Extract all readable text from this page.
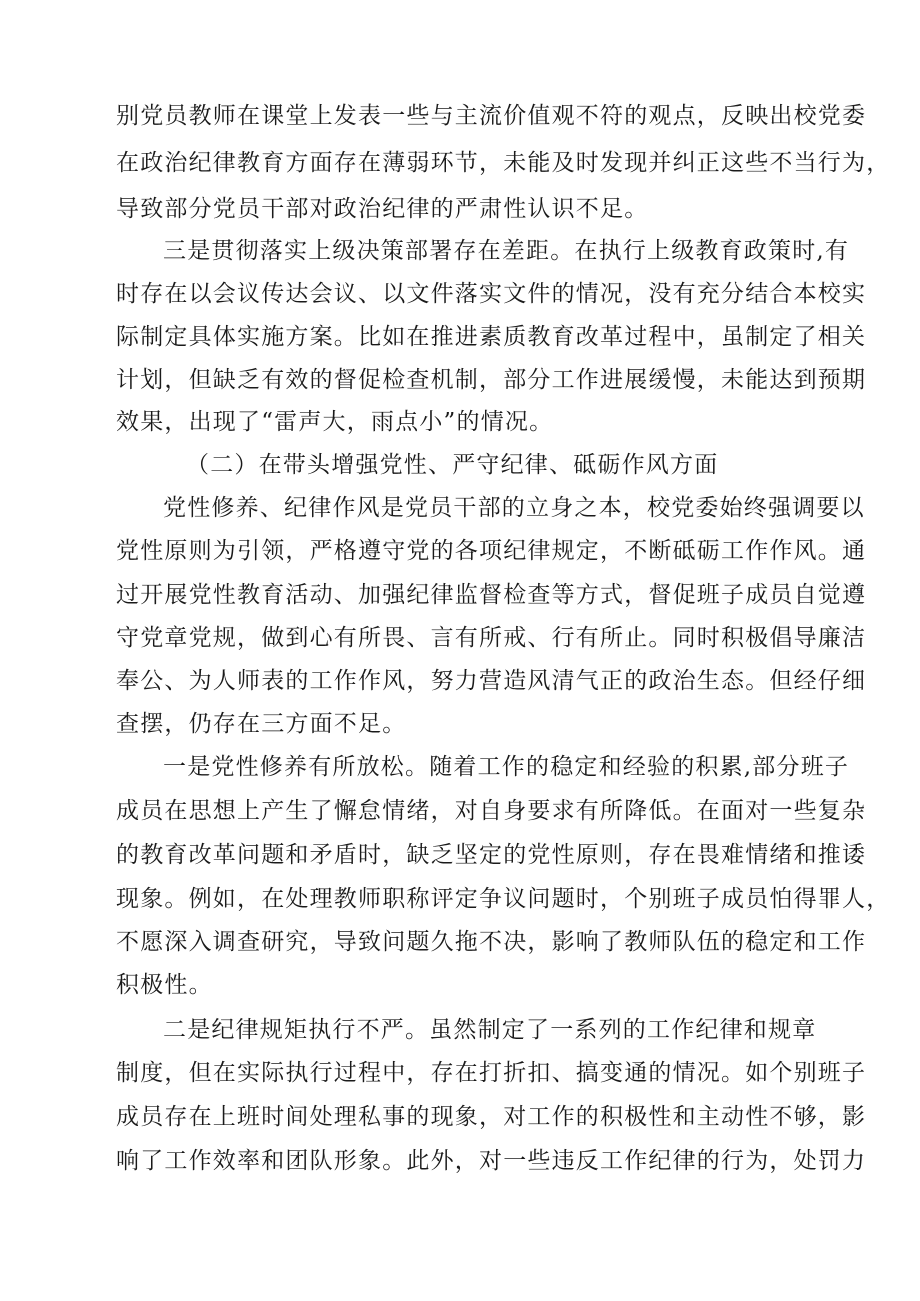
别党员教师在课堂上发表一些与主流价值观不符的观点，反映出校党委
在政治纪律教育方面存在薄弱环节，未能及时发现并纠正这些不当行为，
导致部分党员干部对政治纪律的严肃性认识不足。
三是贯彻落实上级决策部署存在差距。在执行上级教育政策时,有
时存在以会议传达会议、以文件落实文件的情况，没有充分结合本校实
际制定具体实施方案。比如在推进素质教育改革过程中，虽制定了相关
计划，但缺乏有效的督促检查机制，部分工作进展缓慢，未能达到预期
效果，出现了“雷声大，雨点小”的情况。
（二）在带头增强党性、严守纪律、砥砺作风方面
党性修养、纪律作风是党员干部的立身之本，校党委始终强调要以
党性原则为引领，严格遵守党的各项纪律规定，不断砥砺工作作风。通
过开展党性教育活动、加强纪律监督检查等方式，督促班子成员自觉遵
守党章党规，做到心有所畏、言有所戒、行有所止。同时积极倡导廉洁
奉公、为人师表的工作作风，努力营造风清气正的政治生态。但经仔细
查摆，仍存在三方面不足。
一是党性修养有所放松。随着工作的稳定和经验的积累,部分班子
成员在思想上产生了懈怠情绪，对自身要求有所降低。在面对一些复杂
的教育改革问题和矛盾时，缺乏坚定的党性原则，存在畏难情绪和推诿
现象。例如，在处理教师职称评定争议问题时，个别班子成员怕得罪人，
不愿深入调查研究，导致问题久拖不决，影响了教师队伍的稳定和工作
积极性。
二是纪律规矩执行不严。虽然制定了一系列的工作纪律和规章
制度，但在实际执行过程中，存在打折扣、搞变通的情况。如个别班子
成员存在上班时间处理私事的现象，对工作的积极性和主动性不够，影
响了工作效率和团队形象。此外，对一些违反工作纪律的行为，处罚力
